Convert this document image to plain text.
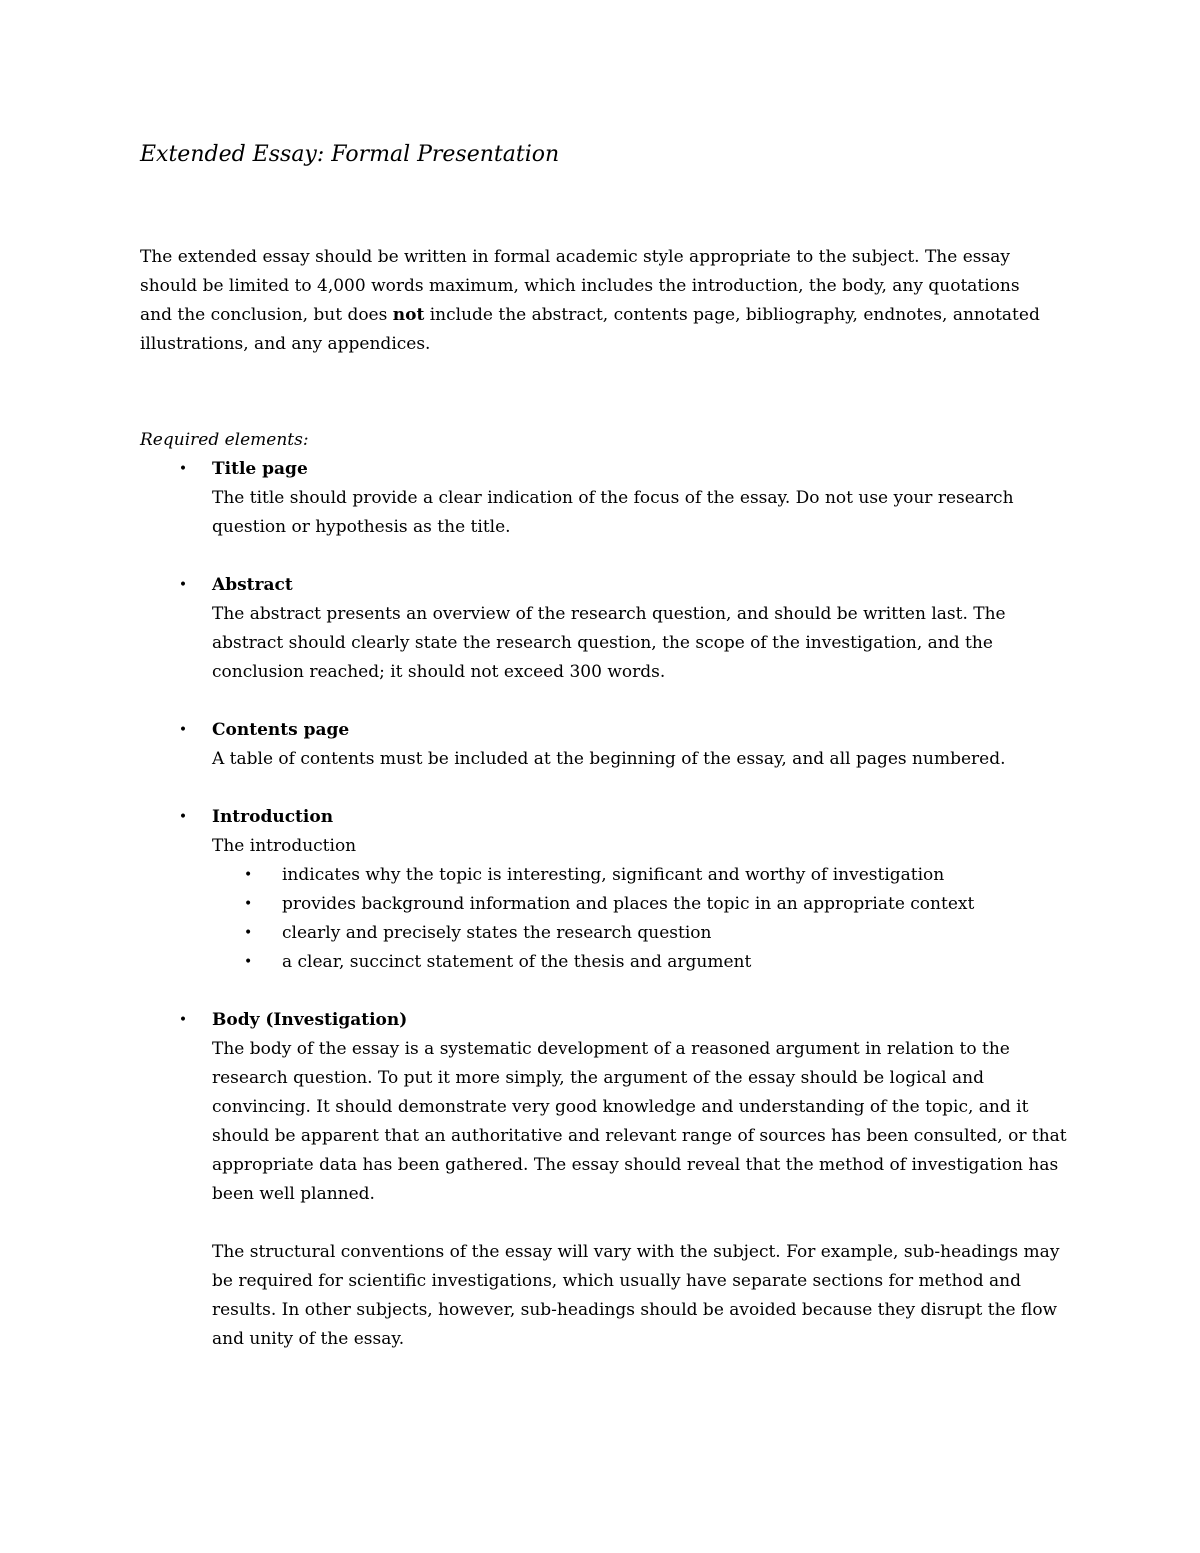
Extended Essay: Formal Presentation

The extended essay should be written in formal academic style appropriate to the subject. The essay should be limited to 4,000 words maximum, which includes the introduction, the body, any quotations and the conclusion, but does not include the abstract, contents page, bibliography, endnotes, annotated illustrations, and any appendices.

Required elements:

• Title page
The title should provide a clear indication of the focus of the essay. Do not use your research question or hypothesis as the title.
• Abstract
The abstract presents an overview of the research question, and should be written last. The abstract should clearly state the research question, the scope of the investigation, and the conclusion reached; it should not exceed 300 words.
• Contents page
A table of contents must be included at the beginning of the essay, and all pages numbered.
• Introduction
The introduction
• indicates why the topic is interesting, significant and worthy of investigation
• provides background information and places the topic in an appropriate context
• clearly and precisely states the research question
• a clear, succinct statement of the thesis and argument
• Body (Investigation)
The body of the essay is a systematic development of a reasoned argument in relation to the research question. To put it more simply, the argument of the essay should be logical and convincing. It should demonstrate very good knowledge and understanding of the topic, and it should be apparent that an authoritative and relevant range of sources has been consulted, or that appropriate data has been gathered. The essay should reveal that the method of investigation has been well planned.
The structural conventions of the essay will vary with the subject. For example, sub-headings may be required for scientific investigations, which usually have separate sections for method and results. In other subjects, however, sub-headings should be avoided because they disrupt the flow and unity of the essay.
